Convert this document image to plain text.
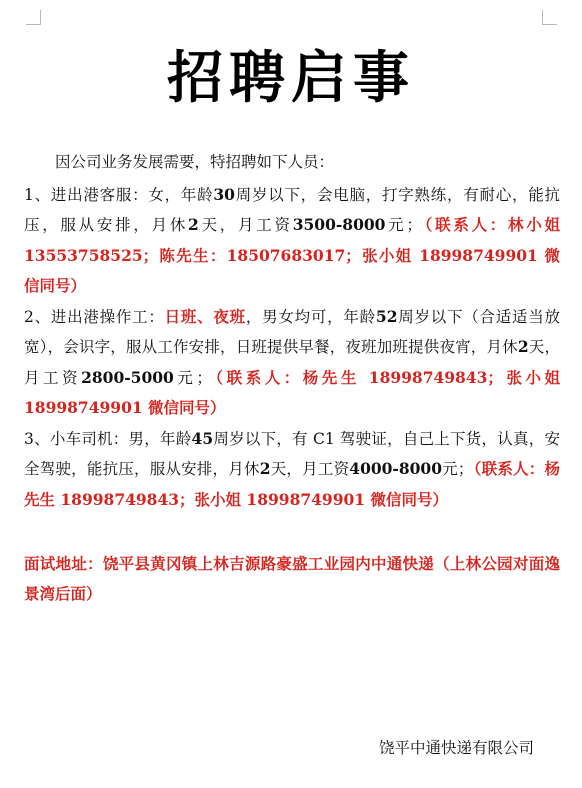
招聘启事

因公司业务发展需要，特招聘如下人员：

1、进出港客服：女，年龄30周岁以下，会电脑，打字熟练，有耐心，能抗压，服从安排，月休2天，月工资3500-8000元；（联系人：林小姐 13553758525；陈先生：18507683017；张小姐 18998749901 微信同号）

2、进出港操作工：日班、夜班，男女均可，年龄52周岁以下（合适适当放宽），会识字，服从工作安排，日班提供早餐，夜班加班提供夜宵，月休2天，月工资2800-5000元；（联系人：杨先生 18998749843；张小姐 18998749901 微信同号）

3、小车司机：男，年龄45周岁以下，有 C1 驾驶证，自己上下货，认真，安全驾驶，能抗压，服从安排，月休2天，月工资4000-8000元；（联系人：杨先生 18998749843；张小姐 18998749901 微信同号）

面试地址：饶平县黄冈镇上林吉源路豪盛工业园内中通快递（上林公园对面逸景湾后面）

饶平中通快递有限公司
